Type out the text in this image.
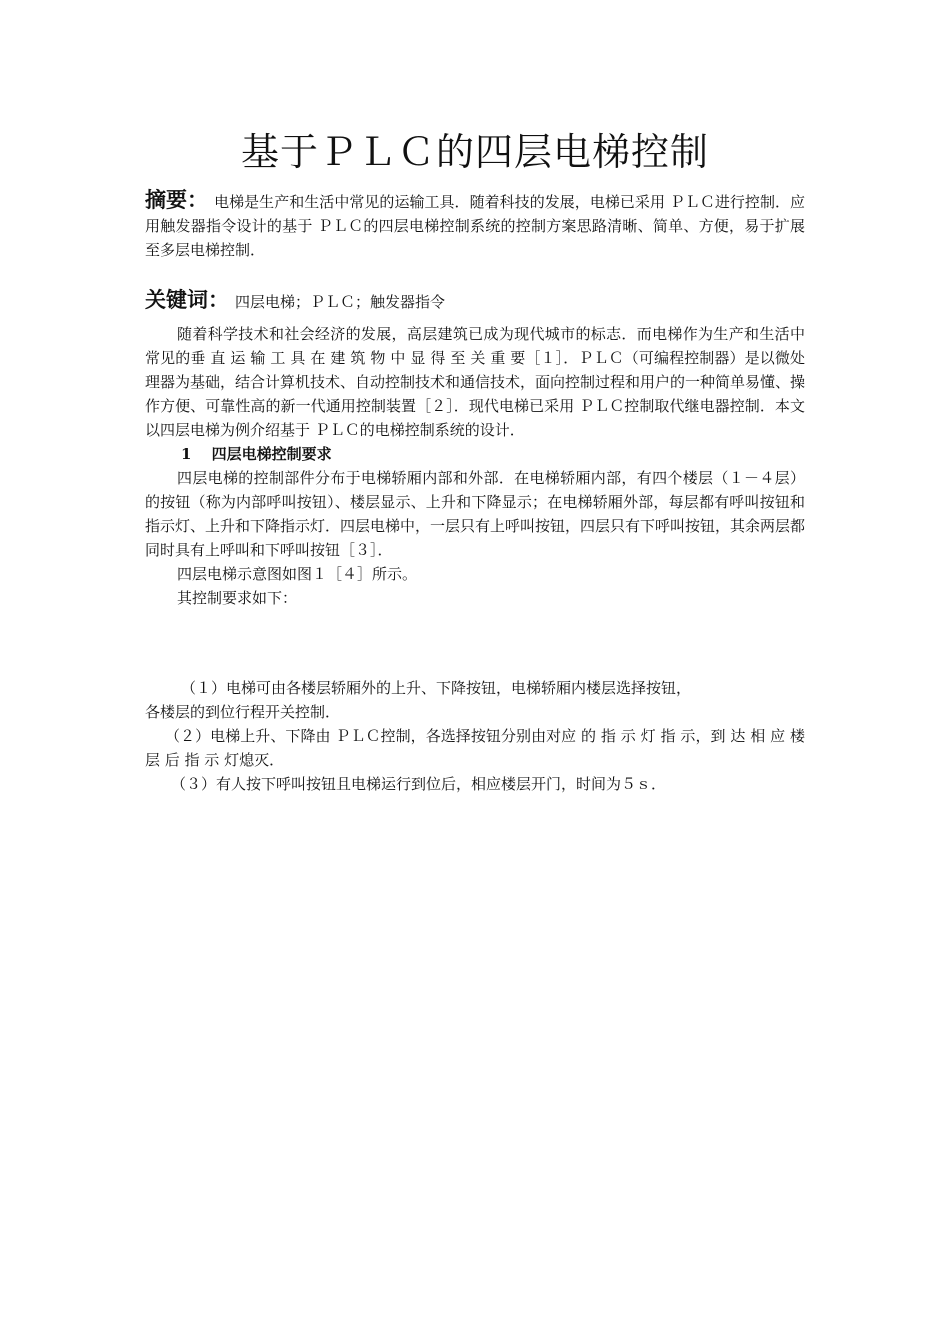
基于ＰＬＣ的四层电梯控制
摘要： 电梯是生产和生活中常见的运输工具．随着科技的发展，电梯已采用 ＰＬＣ进行控制．应用触发器指令设计的基于 ＰＬＣ的四层电梯控制系统的控制方案思路清晰、简单、方便，易于扩展至多层电梯控制．
关键词： 四层电梯；ＰＬＣ；触发器指令

随着科学技术和社会经济的发展，高层建筑已成为现代城市的标志．而电梯作为生产和生活中常见的垂 直 运 输 工 具 在 建 筑 物 中 显 得 至 关 重 要［１］．ＰＬＣ（可编程控制器）是以微处理器为基础，结合计算机技术、自动控制技术和通信技术，面向控制过程和用户的一种简单易懂、操作方便、可靠性高的新一代通用控制装置［２］．现代电梯已采用 ＰＬＣ控制取代继电器控制．本文以四层电梯为例介绍基于 ＰＬＣ的电梯控制系统的设计．

1　 四层电梯控制要求

四层电梯的控制部件分布于电梯轿厢内部和外部．在电梯轿厢内部，有四个楼层（１－４层）的按钮（称为内部呼叫按钮）、楼层显示、上升和下降显示；在电梯轿厢外部，每层都有呼叫按钮和指示灯、上升和下降指示灯．四层电梯中，一层只有上呼叫按钮，四层只有下呼叫按钮，其余两层都同时具有上呼叫和下呼叫按钮［３］．

四层电梯示意图如图１［４］所示。

其控制要求如下：

（１）电梯可由各楼层轿厢外的上升、下降按钮，电梯轿厢内楼层选择按钮，

各楼层的到位行程开关控制．

（２）电梯上升、下降由 ＰＬＣ控制，各选择按钮分别由对应 的 指 示 灯 指 示，到 达 相 应 楼 层 后 指 示 灯熄灭．

（３）有人按下呼叫按钮且电梯运行到位后，相应楼层开门，时间为５ｓ．
